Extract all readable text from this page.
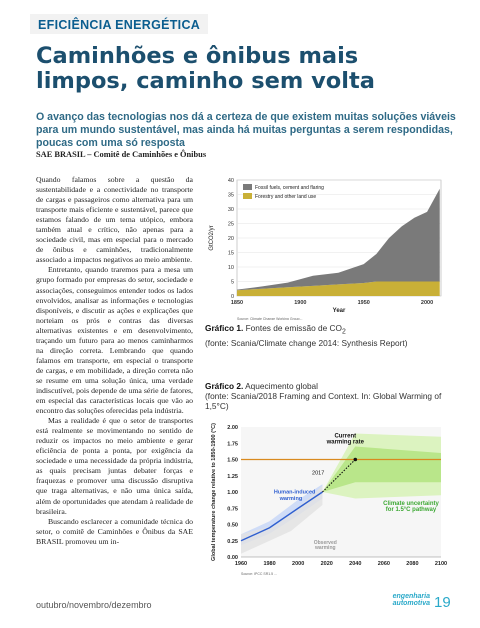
EFICIÊNCIA ENERGÉTICA
Caminhões e ônibus mais limpos, caminho sem volta

O avanço das tecnologias nos dá a certeza de que existem muitas soluções viáveis para um mundo sustentável, mas ainda há muitas perguntas a serem respondidas, poucas com uma só resposta

SAE BRASIL – Comitê de Caminhões e Ônibus

Quando falamos sobre a questão da sustentabilidade e a conectividade no transporte de cargas e passageiros como alternativa para um transporte mais eficiente e sustentável, parece que estamos falando de um tema utópico, embora também atual e crítico, não apenas para a sociedade civil, mas em especial para o mercado de ônibus e caminhões, tradicionalmente associado a impactos negativos ao meio ambiente.

Entretanto, quando traremos para a mesa um grupo formado por empresas do setor, sociedade e associações, conseguimos entender todos os lados envolvidos, analisar as informações e tecnologias disponíveis, e discutir as ações e explicações que norteiam os prós e contras das diversas alternativas existentes e em desenvolvimento, traçando um futuro para ao menos caminharmos na direção correta. Lembrando que quando falamos em transporte, em especial o transporte de cargas, e em mobilidade, a direção correta não se resume em uma solução única, uma verdade indiscutível, pois depende de uma série de fatores, em especial das características locais que vão ao encontro das soluções oferecidas pela indústria.

Mas a realidade é que o setor de transportes está realmente se movimentando no sentido de reduzir os impactos no meio ambiente e gerar eficiência de ponta a ponta, por exigência da sociedade e uma necessidade da própria indústria, as quais precisam juntas debater forças e fraquezas e promover uma discussão disruptiva que traga alternativas, e não uma única saída, além de oportunidades que atendam à realidade de brasileira.

Buscando esclarecer a comunidade técnica do setor, o comitê de Caminhões e Ônibus da SAE BRASIL promoveu um in-

40
35
30
25
20
15
10
5
0
1850	1900	1950	2000
Year
GtCO2/yr
Fossil fuels, cement and flaring
Forestry and other land use
Source: Climate Change Working Group...
Gráfico 1. Fontes de emissão de $CO_2$
(fonte: Scania/Climate change 2014: Synthesis Report)
Gráfico 2. Aquecimento global
(fonte: Scania/2018 Framing and Context. In: Global Warming of 1,5°C)
2.00
1.75
1.50
1.25
1.00
0.75
0.50
0.25
0.00
1960	1980	2000	2020	2040	2060	2080	2100
Global temperature change relative to 1850-1900 (°C)	Current
warming rate
2017
Human-induced
warming
Observed
warming
Climate uncertainty
for 1.5°C pathway
Source: IPCC SR1.5 ...
outubro/novembro/dezembro
engenharia
automotiva 19
